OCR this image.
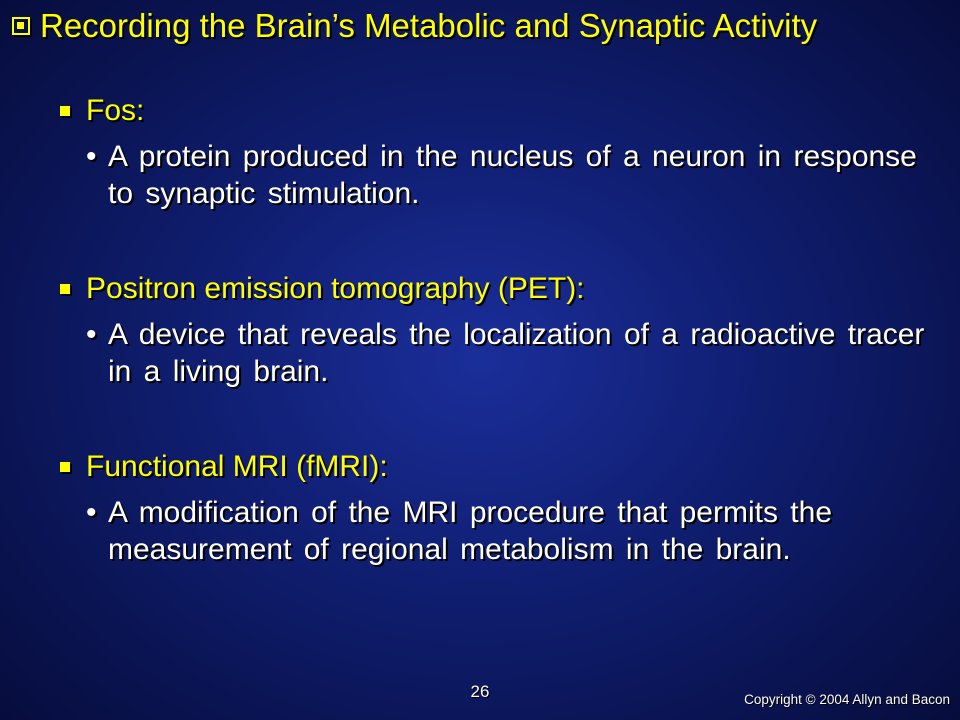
Recording the Brain’s Metabolic and Synaptic Activity
Fos:
• A protein produced in the nucleus of a neuron in response to synaptic stimulation.
Positron emission tomography (PET):
• A device that reveals the localization of a radioactive tracer in a living brain.
Functional MRI (fMRI):
• A modification of the MRI procedure that permits the measurement of regional metabolism in the brain.
26	Copyright © 2004 Allyn and Bacon
